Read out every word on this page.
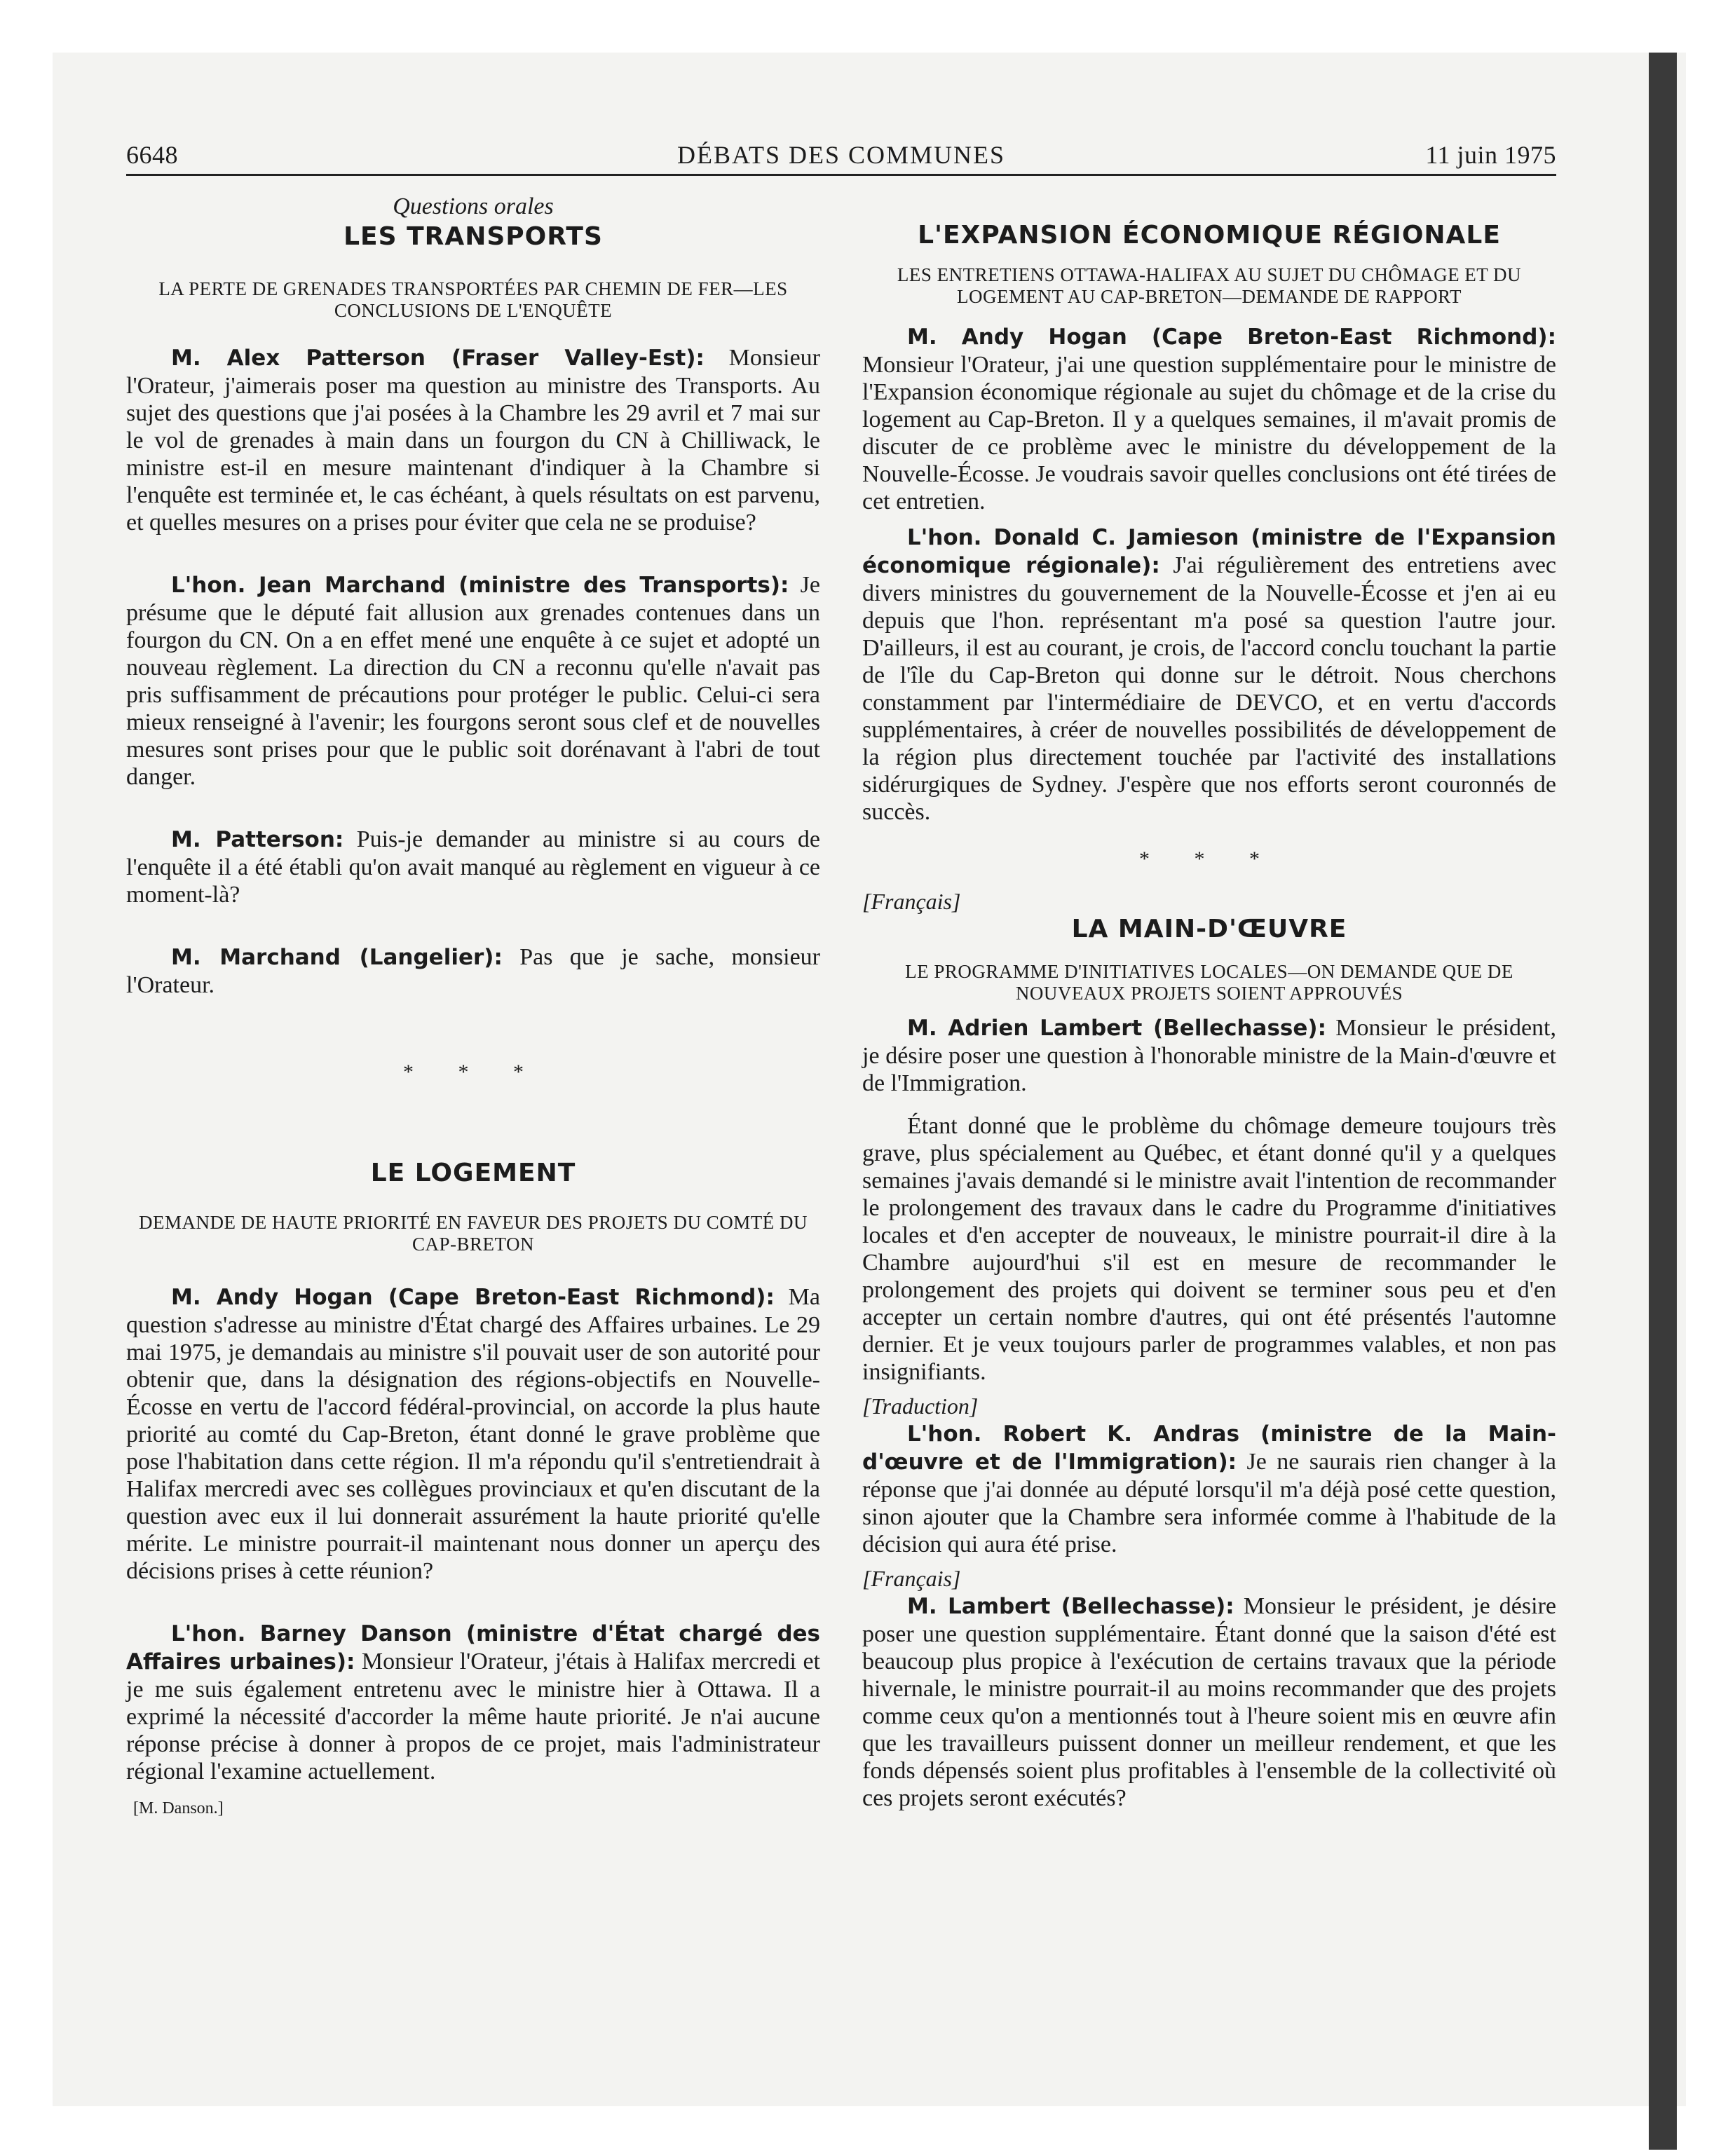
6648	DÉBATS DES COMMUNES	11 juin 1975

Questions orales

LES TRANSPORTS

LA PERTE DE GRENADES TRANSPORTÉES PAR CHEMIN DE FER—LES CONCLUSIONS DE L'ENQUÊTE

M. Alex Patterson (Fraser Valley-Est): Monsieur l'Orateur, j'aimerais poser ma question au ministre des Transports. Au sujet des questions que j'ai posées à la Chambre les 29 avril et 7 mai sur le vol de grenades à main dans un fourgon du CN à Chilliwack, le ministre est-il en mesure maintenant d'indiquer à la Chambre si l'enquête est terminée et, le cas échéant, à quels résultats on est parvenu, et quelles mesures on a prises pour éviter que cela ne se produise?

L'hon. Jean Marchand (ministre des Transports): Je présume que le député fait allusion aux grenades contenues dans un fourgon du CN. On a en effet mené une enquête à ce sujet et adopté un nouveau règlement. La direction du CN a reconnu qu'elle n'avait pas pris suffisamment de précautions pour protéger le public. Celui-ci sera mieux renseigné à l'avenir; les fourgons seront sous clef et de nouvelles mesures sont prises pour que le public soit dorénavant à l'abri de tout danger.

M. Patterson: Puis-je demander au ministre si au cours de l'enquête il a été établi qu'on avait manqué au règlement en vigueur à ce moment-là?

M. Marchand (Langelier): Pas que je sache, monsieur l'Orateur.

* * *

LE LOGEMENT

DEMANDE DE HAUTE PRIORITÉ EN FAVEUR DES PROJETS DU COMTÉ DU CAP-BRETON

M. Andy Hogan (Cape Breton-East Richmond): Ma question s'adresse au ministre d'État chargé des Affaires urbaines. Le 29 mai 1975, je demandais au ministre s'il pouvait user de son autorité pour obtenir que, dans la désignation des régions-objectifs en Nouvelle-Écosse en vertu de l'accord fédéral-provincial, on accorde la plus haute priorité au comté du Cap-Breton, étant donné le grave problème que pose l'habitation dans cette région. Il m'a répondu qu'il s'entretiendrait à Halifax mercredi avec ses collègues provinciaux et qu'en discutant de la question avec eux il lui donnerait assurément la haute priorité qu'elle mérite. Le ministre pourrait-il maintenant nous donner un aperçu des décisions prises à cette réunion?

L'hon. Barney Danson (ministre d'État chargé des Affaires urbaines): Monsieur l'Orateur, j'étais à Halifax mercredi et je me suis également entretenu avec le ministre hier à Ottawa. Il a exprimé la nécessité d'accorder la même haute priorité. Je n'ai aucune réponse précise à donner à propos de ce projet, mais l'administrateur régional l'examine actuellement.

[M. Danson.]

L'EXPANSION ÉCONOMIQUE RÉGIONALE

LES ENTRETIENS OTTAWA-HALIFAX AU SUJET DU CHÔMAGE ET DU LOGEMENT AU CAP-BRETON—DEMANDE DE RAPPORT

M. Andy Hogan (Cape Breton-East Richmond): Monsieur l'Orateur, j'ai une question supplémentaire pour le ministre de l'Expansion économique régionale au sujet du chômage et de la crise du logement au Cap-Breton. Il y a quelques semaines, il m'avait promis de discuter de ce problème avec le ministre du développement de la Nouvelle-Écosse. Je voudrais savoir quelles conclusions ont été tirées de cet entretien.

L'hon. Donald C. Jamieson (ministre de l'Expansion économique régionale): J'ai régulièrement des entretiens avec divers ministres du gouvernement de la Nouvelle-Écosse et j'en ai eu depuis que l'hon. représentant m'a posé sa question l'autre jour. D'ailleurs, il est au courant, je crois, de l'accord conclu touchant la partie de l'île du Cap-Breton qui donne sur le détroit. Nous cherchons constamment par l'intermédiaire de DEVCO, et en vertu d'accords supplémentaires, à créer de nouvelles possibilités de développement de la région plus directement touchée par l'activité des installations sidérurgiques de Sydney. J'espère que nos efforts seront couronnés de succès.

* * *

[Français]

LA MAIN-D'ŒUVRE

LE PROGRAMME D'INITIATIVES LOCALES—ON DEMANDE QUE DE NOUVEAUX PROJETS SOIENT APPROUVÉS

M. Adrien Lambert (Bellechasse): Monsieur le président, je désire poser une question à l'honorable ministre de la Main-d'œuvre et de l'Immigration.

Étant donné que le problème du chômage demeure toujours très grave, plus spécialement au Québec, et étant donné qu'il y a quelques semaines j'avais demandé si le ministre avait l'intention de recommander le prolongement des travaux dans le cadre du Programme d'initiatives locales et d'en accepter de nouveaux, le ministre pourrait-il dire à la Chambre aujourd'hui s'il est en mesure de recommander le prolongement des projets qui doivent se terminer sous peu et d'en accepter un certain nombre d'autres, qui ont été présentés l'automne dernier. Et je veux toujours parler de programmes valables, et non pas insignifiants.

[Traduction]

L'hon. Robert K. Andras (ministre de la Main-d'œuvre et de l'Immigration): Je ne saurais rien changer à la réponse que j'ai donnée au député lorsqu'il m'a déjà posé cette question, sinon ajouter que la Chambre sera informée comme à l'habitude de la décision qui aura été prise.

[Français]

M. Lambert (Bellechasse): Monsieur le président, je désire poser une question supplémentaire. Étant donné que la saison d'été est beaucoup plus propice à l'exécution de certains travaux que la période hivernale, le ministre pourrait-il au moins recommander que des projets comme ceux qu'on a mentionnés tout à l'heure soient mis en œuvre afin que les travailleurs puissent donner un meilleur rendement, et que les fonds dépensés soient plus profitables à l'ensemble de la collectivité où ces projets seront exécutés?
